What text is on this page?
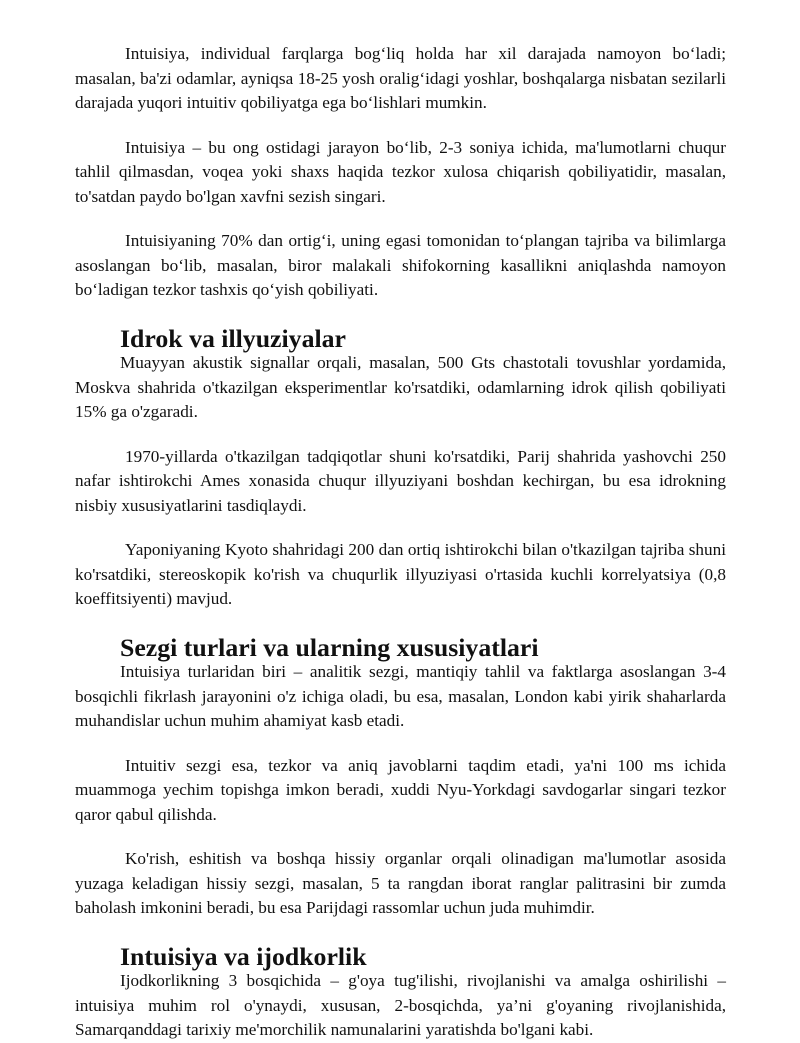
Intuisiya, individual farqlarga bog‘liq holda har xil darajada namoyon bo‘ladi; masalan, ba'zi odamlar, ayniqsa 18-25 yosh oralig‘idagi yoshlar, boshqalarga nisbatan sezilarli darajada yuqori intuitiv qobiliyatga ega bo‘lishlari mumkin.

Intuisiya – bu ong ostidagi jarayon bo‘lib, 2-3 soniya ichida, ma'lumotlarni chuqur tahlil qilmasdan, voqea yoki shaxs haqida tezkor xulosa chiqarish qobiliyatidir, masalan, to'satdan paydo bo'lgan xavfni sezish singari.

Intuisiyaning 70% dan ortig‘i, uning egasi tomonidan to‘plangan tajriba va bilimlarga asoslangan bo‘lib, masalan, biror malakali shifokorning kasallikni aniqlashda namoyon bo‘ladigan tezkor tashxis qo‘yish qobiliyati.

Idrok va illyuziyalar

Muayyan akustik signallar orqali, masalan, 500 Gts chastotali tovushlar yordamida, Moskva shahrida o'tkazilgan eksperimentlar ko'rsatdiki, odamlarning idrok qilish qobiliyati 15% ga o'zgaradi.

1970-yillarda o'tkazilgan tadqiqotlar shuni ko'rsatdiki, Parij shahrida yashovchi 250 nafar ishtirokchi Ames xonasida chuqur illyuziyani boshdan kechirgan, bu esa idrokning nisbiy xususiyatlarini tasdiqlaydi.

Yaponiyaning Kyoto shahridagi 200 dan ortiq ishtirokchi bilan o'tkazilgan tajriba shuni ko'rsatdiki, stereoskopik ko'rish va chuqurlik illyuziyasi o'rtasida kuchli korrelyatsiya (0,8 koeffitsiyenti) mavjud.

Sezgi turlari va ularning xususiyatlari

Intuisiya turlaridan biri – analitik sezgi, mantiqiy tahlil va faktlarga asoslangan 3-4 bosqichli fikrlash jarayonini o'z ichiga oladi, bu esa, masalan, London kabi yirik shaharlarda muhandislar uchun muhim ahamiyat kasb etadi.

Intuitiv sezgi esa, tezkor va aniq javoblarni taqdim etadi, ya'ni 100 ms ichida muammoga yechim topishga imkon beradi, xuddi Nyu-Yorkdagi savdogarlar singari tezkor qaror qabul qilishda.

Ko'rish, eshitish va boshqa hissiy organlar orqali olinadigan ma'lumotlar asosida yuzaga keladigan hissiy sezgi, masalan, 5 ta rangdan iborat ranglar palitrasini bir zumda baholash imkonini beradi, bu esa Parijdagi rassomlar uchun juda muhimdir.

Intuisiya va ijodkorlik

Ijodkorlikning 3 bosqichida – g'oya tug'ilishi, rivojlanishi va amalga oshirilishi – intuisiya muhim rol o'ynaydi, xususan, 2-bosqichda, ya’ni g'oyaning rivojlanishida, Samarqanddagi tarixiy me'morchilik namunalarini yaratishda bo'lgani kabi.
